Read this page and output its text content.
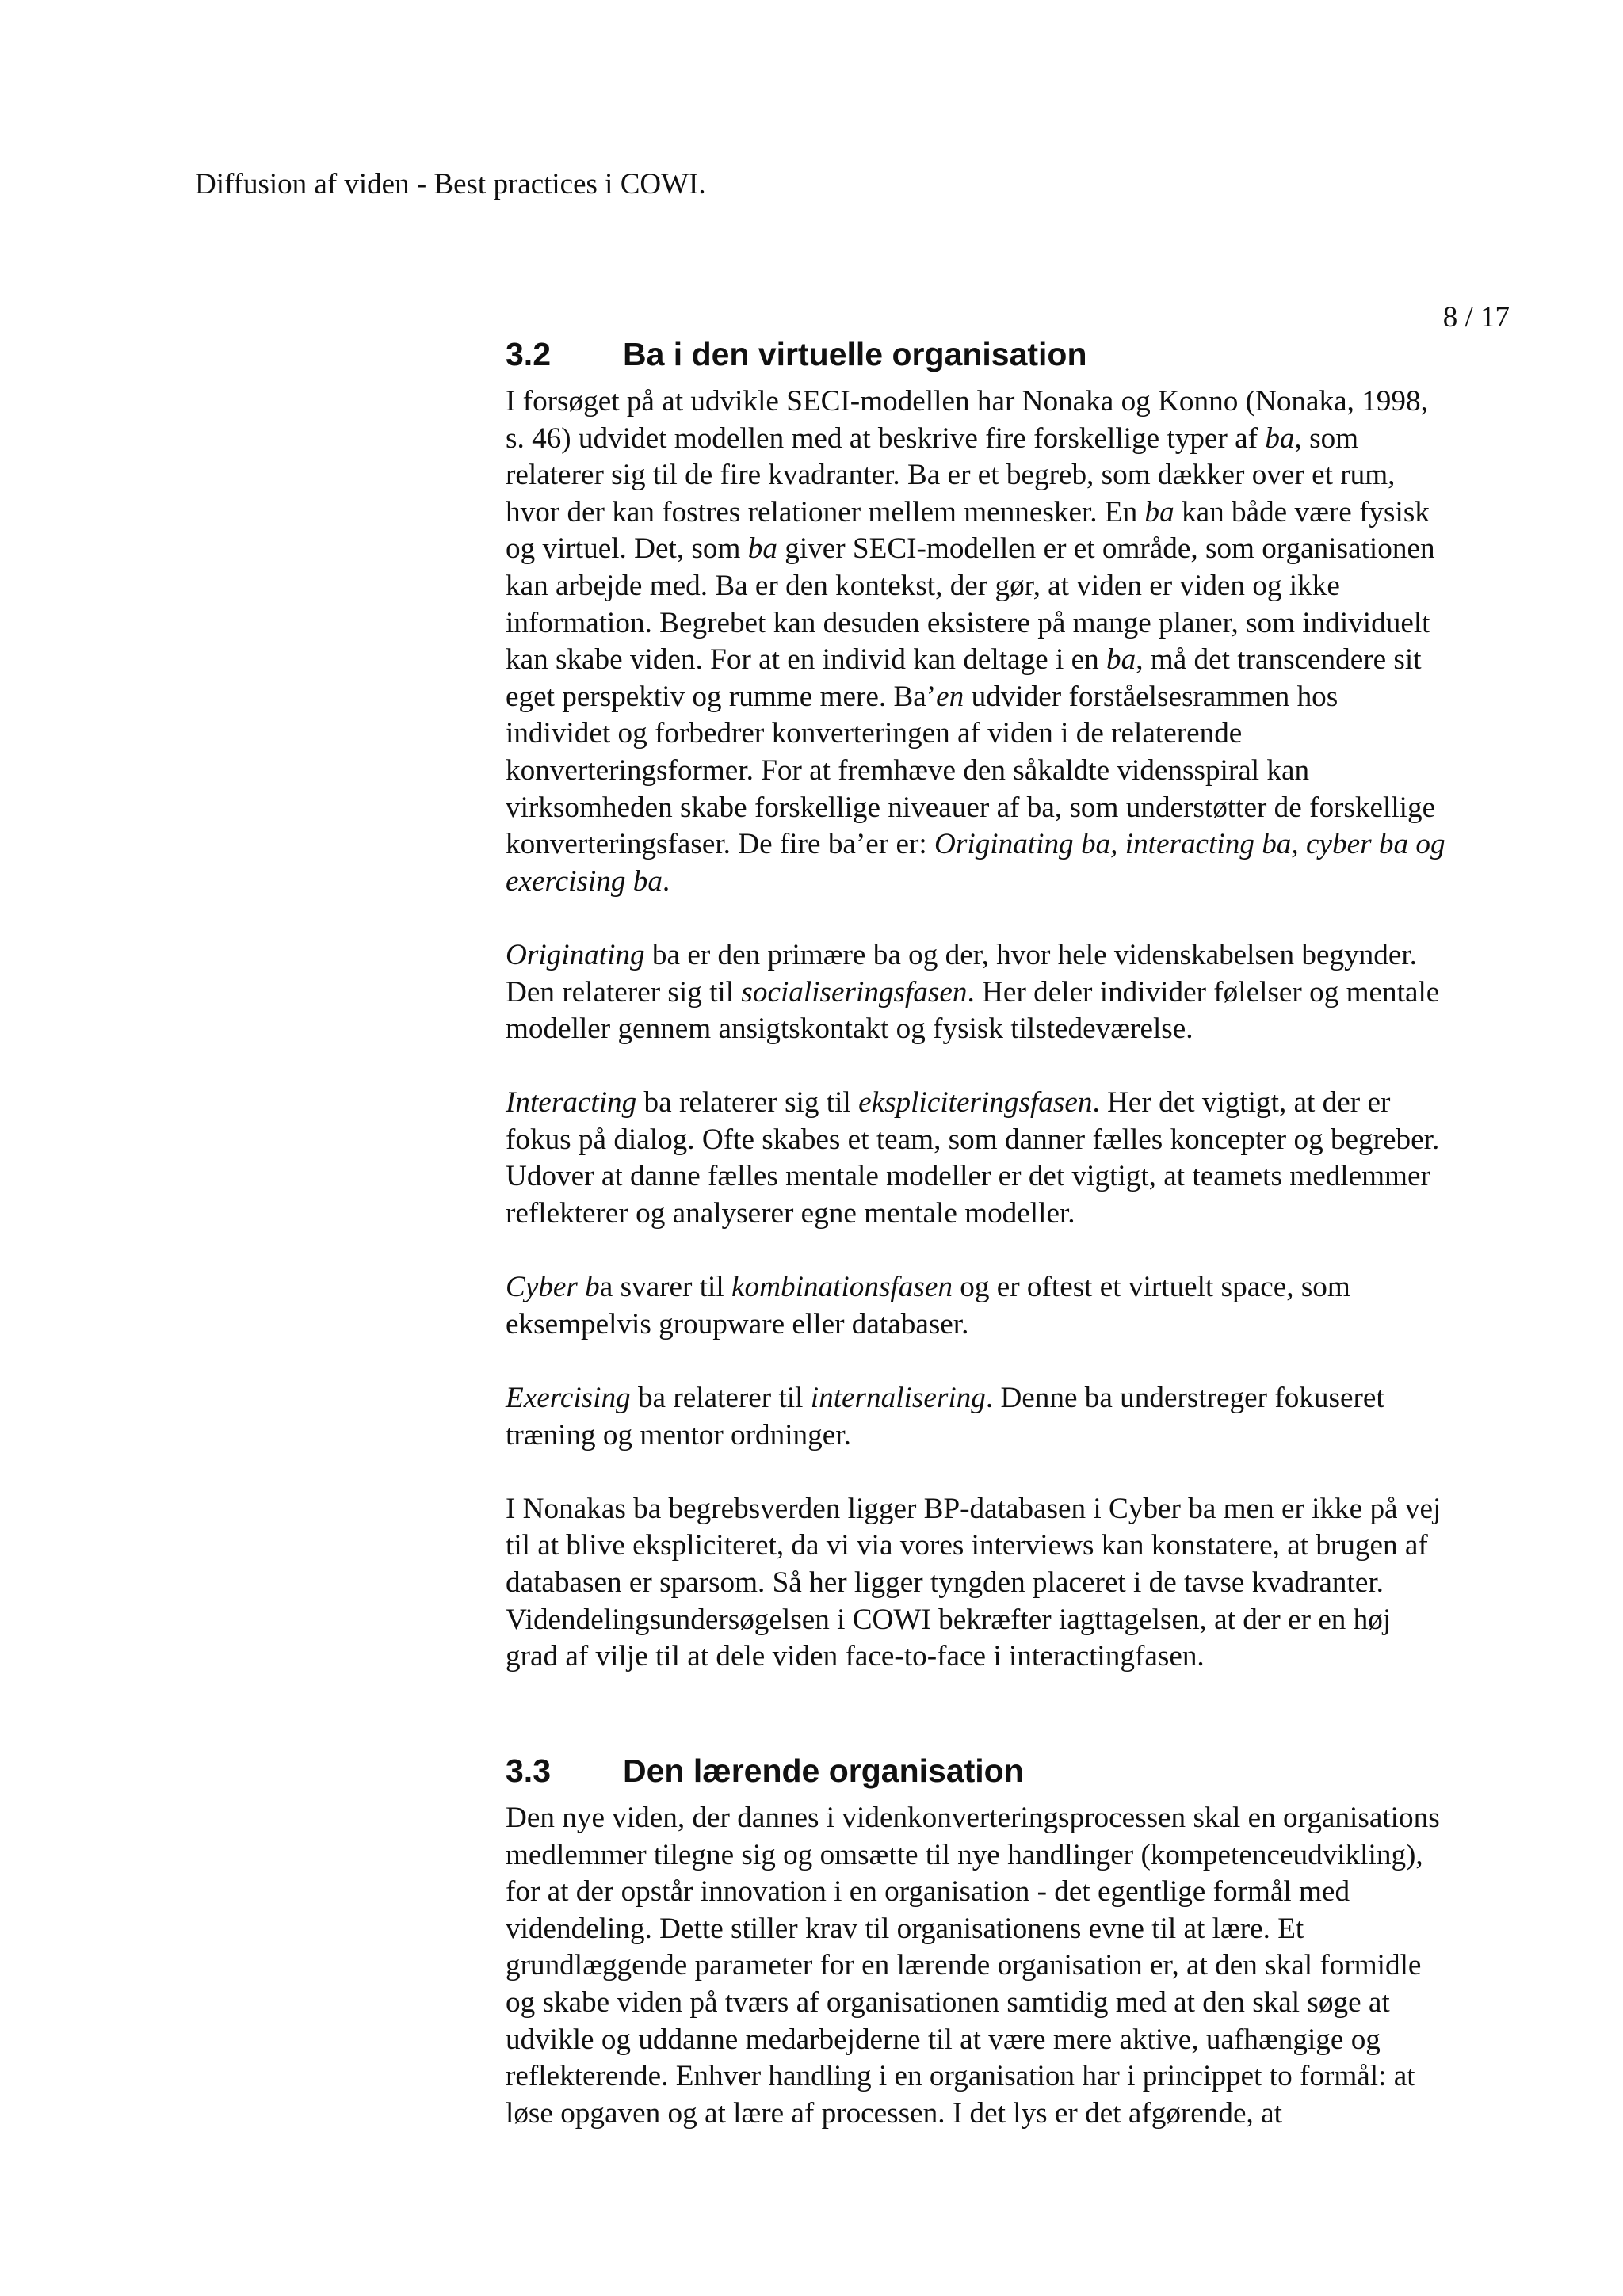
Diffusion af viden - Best practices i COWI.
8 / 17
3.2 Ba i den virtuelle organisation

I forsøget på at udvikle SECI-modellen har Nonaka og Konno (Nonaka, 1998,
s. 46) udvidet modellen med at beskrive fire forskellige typer af ba, som
relaterer sig til de fire kvadranter. Ba er et begreb, som dækker over et rum,
hvor der kan fostres relationer mellem mennesker. En ba kan både være fysisk
og virtuel. Det, som ba giver SECI-modellen er et område, som organisationen
kan arbejde med. Ba er den kontekst, der gør, at viden er viden og ikke
information. Begrebet kan desuden eksistere på mange planer, som individuelt
kan skabe viden. For at en individ kan deltage i en ba, må det transcendere sit
eget perspektiv og rumme mere. Ba’en udvider forståelsesrammen hos
individet og forbedrer konverteringen af viden i de relaterende
konverteringsformer. For at fremhæve den såkaldte vidensspiral kan
virksomheden skabe forskellige niveauer af ba, som understøtter de forskellige
konverteringsfaser. De fire ba’er er: Originating ba, interacting ba, cyber ba og
exercising ba.

Originating ba er den primære ba og der, hvor hele videnskabelsen begynder.
Den relaterer sig til socialiseringsfasen. Her deler individer følelser og mentale
modeller gennem ansigtskontakt og fysisk tilstedeværelse.

Interacting ba relaterer sig til ekspliciteringsfasen. Her det vigtigt, at der er
fokus på dialog. Ofte skabes et team, som danner fælles koncepter og begreber.
Udover at danne fælles mentale modeller er det vigtigt, at teamets medlemmer
reflekterer og analyserer egne mentale modeller.

Cyber ba svarer til kombinationsfasen og er oftest et virtuelt space, som
eksempelvis groupware eller databaser.

Exercising ba relaterer til internalisering. Denne ba understreger fokuseret
træning og mentor ordninger.

I Nonakas ba begrebsverden ligger BP-databasen i Cyber ba men er ikke på vej
til at blive ekspliciteret, da vi via vores interviews kan konstatere, at brugen af
databasen er sparsom. Så her ligger tyngden placeret i de tavse kvadranter.
Videndelingsundersøgelsen i COWI bekræfter iagttagelsen, at der er en høj
grad af vilje til at dele viden face-to-face i interactingfasen.

3.3 Den lærende organisation

Den nye viden, der dannes i videnkonverteringsprocessen skal en organisations
medlemmer tilegne sig og omsætte til nye handlinger (kompetenceudvikling),
for at der opstår innovation i en organisation - det egentlige formål med
videndeling. Dette stiller krav til organisationens evne til at lære. Et
grundlæggende parameter for en lærende organisation er, at den skal formidle
og skabe viden på tværs af organisationen samtidig med at den skal søge at
udvikle og uddanne medarbejderne til at være mere aktive, uafhængige og
reflekterende. Enhver handling i en organisation har i princippet to formål: at
løse opgaven og at lære af processen. I det lys er det afgørende, at
